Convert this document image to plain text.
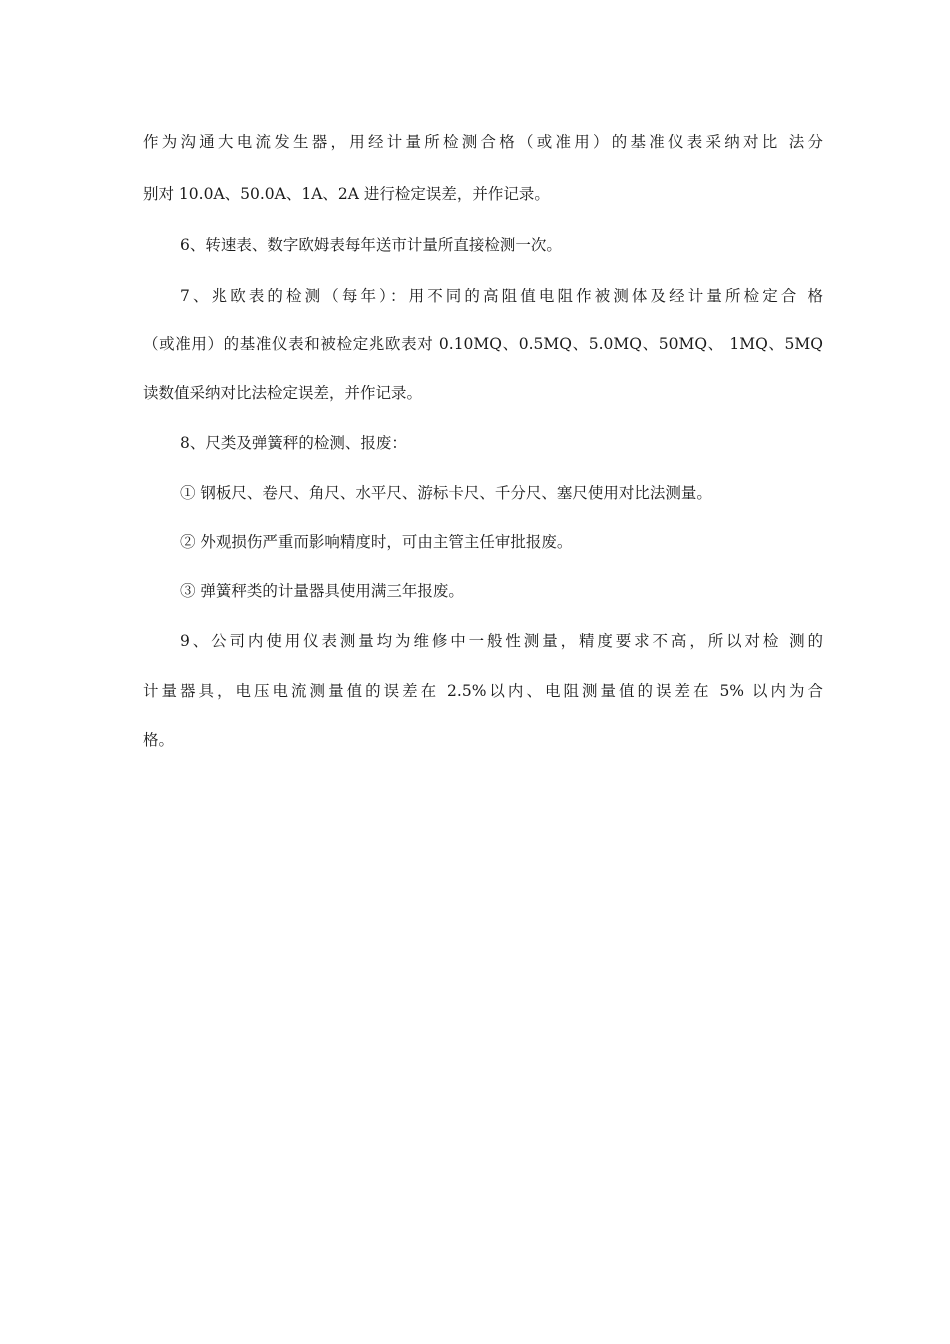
作为沟通大电流发生器，用经计量所检测合格（或准用）的基准仪表采纳对比 法分
别对 10.0A、50.0A、1A、2A 进行检定误差，并作记录。
6、转速表、数字欧姆表每年送市计量所直接检测一次。
7、兆欧表的检测（每年）：用不同的高阻值电阻作被测体及经计量所检定合 格
（或准用）的基准仪表和被检定兆欧表对 0.10MQ、0.5MQ、5.0MQ、50MQ、 1MQ、5MQ
读数值采纳对比法检定误差，并作记录。
8、尺类及弹簧秤的检测、报废：
① 钢板尺、卷尺、角尺、水平尺、游标卡尺、千分尺、塞尺使用对比法测量。
② 外观损伤严重而影响精度时，可由主管主任审批报废。
③ 弹簧秤类的计量器具使用满三年报废。
9、公司内使用仪表测量均为维修中一般性测量，精度要求不高，所以对检 测的
计量器具，电压电流测量值的误差在 2.5%以内、电阻测量值的误差在 5% 以内为合
格。
